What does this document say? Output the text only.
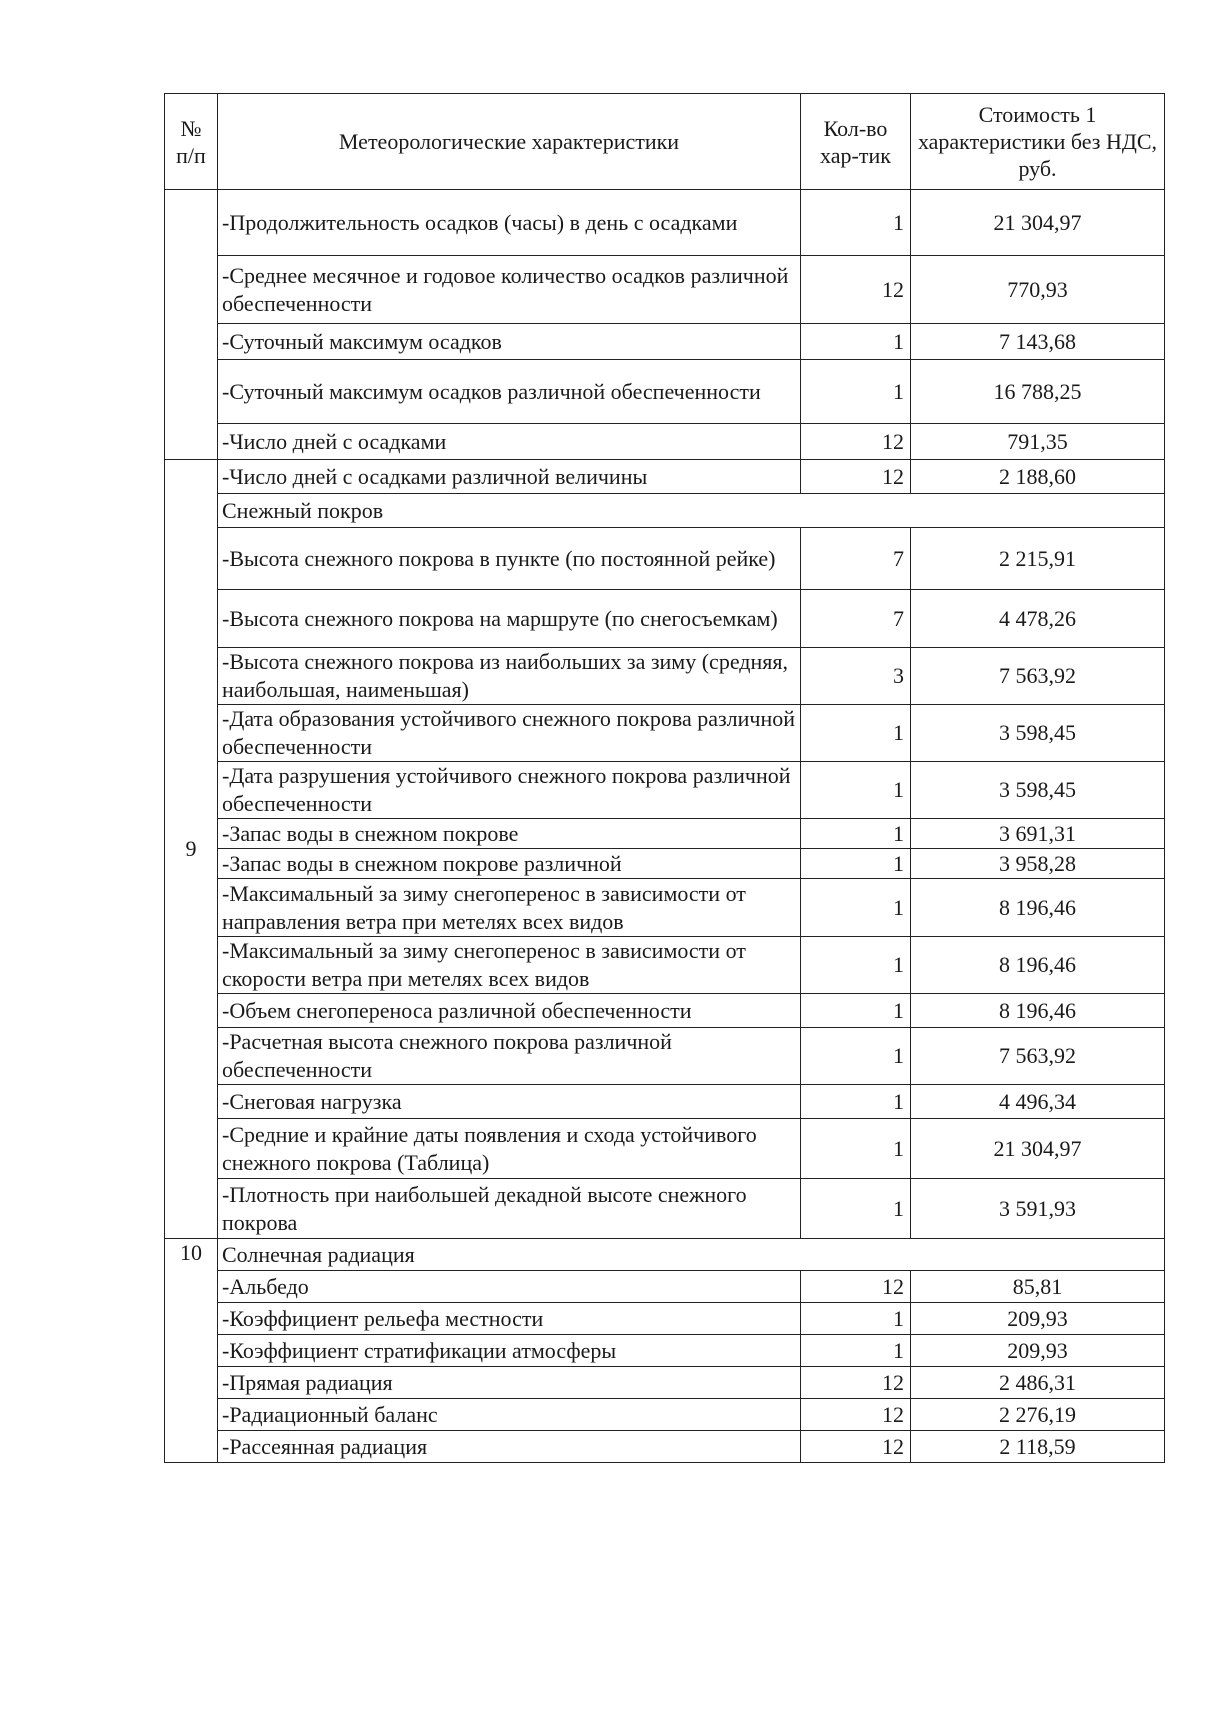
№ п/п	Метеорологические характеристики	Кол-во хар-тик	Стоимость 1 характеристики без НДС, руб.
	-Продолжительность осадков (часы) в день с осадками	1	21 304,97
	-Среднее месячное и годовое количество осадков различной обеспеченности	12	770,93
	-Суточный максимум осадков	1	7 143,68
	-Суточный максимум осадков различной обеспеченности	1	16 788,25
	-Число дней с осадками	12	791,35
9	-Число дней с осадками различной величины	12	2 188,60
	Снежный покров		
	-Высота снежного покрова в пункте (по постоянной рейке)	7	2 215,91
	-Высота снежного покрова на маршруте (по снегосъемкам)	7	4 478,26
	-Высота снежного покрова из наибольших за зиму (средняя, наибольшая, наименьшая)	3	7 563,92
	-Дата образования устойчивого снежного покрова различной обеспеченности	1	3 598,45
	-Дата разрушения устойчивого снежного покрова различной обеспеченности	1	3 598,45
	-Запас воды в снежном покрове	1	3 691,31
	-Запас воды в снежном покрове различной	1	3 958,28
	-Максимальный за зиму снегоперенос в зависимости от направления ветра при метелях всех видов	1	8 196,46
	-Максимальный за зиму снегоперенос в зависимости от скорости ветра при метелях всех видов	1	8 196,46
	-Объем снегопереноса различной обеспеченности	1	8 196,46
	-Расчетная высота снежного покрова различной обеспеченности	1	7 563,92
	-Снеговая нагрузка	1	4 496,34
	-Средние и крайние даты появления и схода устойчивого снежного покрова (Таблица)	1	21 304,97
	-Плотность при наибольшей декадной высоте снежного покрова	1	3 591,93
10	Солнечная радиация		
	-Альбедо	12	85,81
	-Коэффициент рельефа местности	1	209,93
	-Коэффициент стратификации атмосферы	1	209,93
	-Прямая радиация	12	2 486,31
	-Радиационный баланс	12	2 276,19
	-Рассеянная радиация	12	2 118,59
